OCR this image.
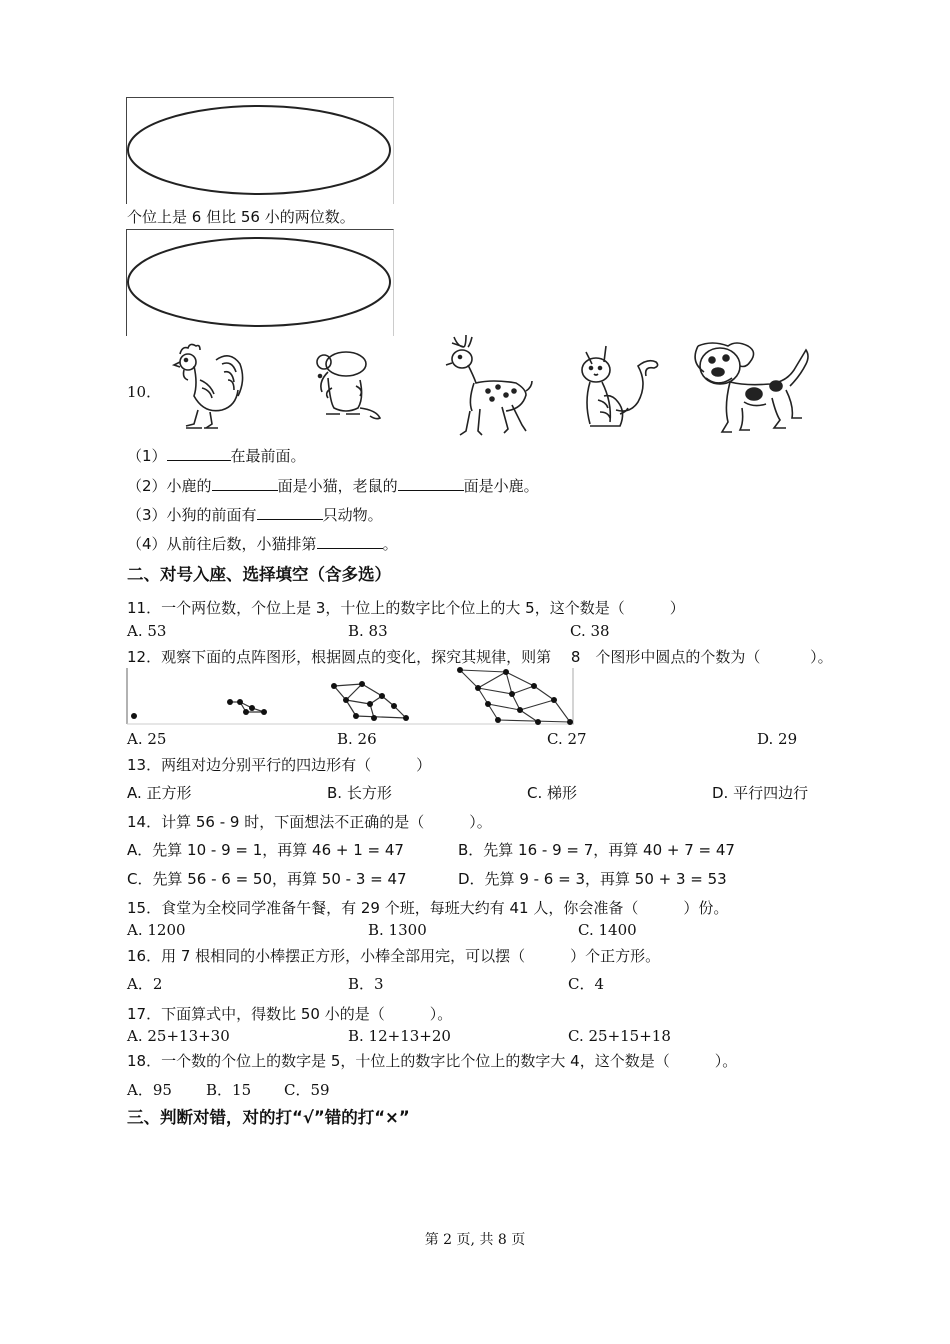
个位上是 6 但比 56 小的两位数。
10．
（1）	在最前面。
（2）小鹿的	面是小猫，老鼠的	面是小鹿。
（3）小狗的前面有	只动物。
（4）从前往后数，小猫排第	。
二、对号入座、选择填空（含多选）
11．一个两位数，个位上是 3，十位上的数字比个位上的大 5，这个数是（　　　）
A. 53	B. 83	C. 38
12．观察下面的点阵图形，根据圆点的变化，探究其规律，则第　 8　个图形中圆点的个数为（　　　 ）。
A. 25	B. 26	C. 27	D. 29
13．两组对边分别平行的四边形有（　　　）
A. 正方形	B. 长方形	C. 梯形	D. 平行四边行
14．计算 56 - 9 时，下面想法不正确的是（　　　）。
A．先算 10 - 9 = 1，再算 46 + 1 = 47	B．先算 16 - 9 = 7，再算 40 + 7 = 47
C．先算 56 - 6 = 50，再算 50 - 3 = 47	D．先算 9 - 6 = 3，再算 50 + 3 = 53
15．食堂为全校同学准备午餐，有 29 个班，每班大约有 41 人，你会准备（　　　）份。
A. 1200	B. 1300	C. 1400
16．用 7 根相同的小棒摆正方形，小棒全部用完，可以摆（　　　）个正方形。
A．2	B．3	C．4
17．下面算式中，得数比 50 小的是（　　　）。
A. 25+13+30	B. 12+13+20	C. 25+15+18
18．一个数的个位上的数字是 5，十位上的数字比个位上的数字大 4，这个数是（　　　）。
A．95 B．15 C．59
三、判断对错，对的打“√”错的打“×”
第 2 页, 共 8 页
